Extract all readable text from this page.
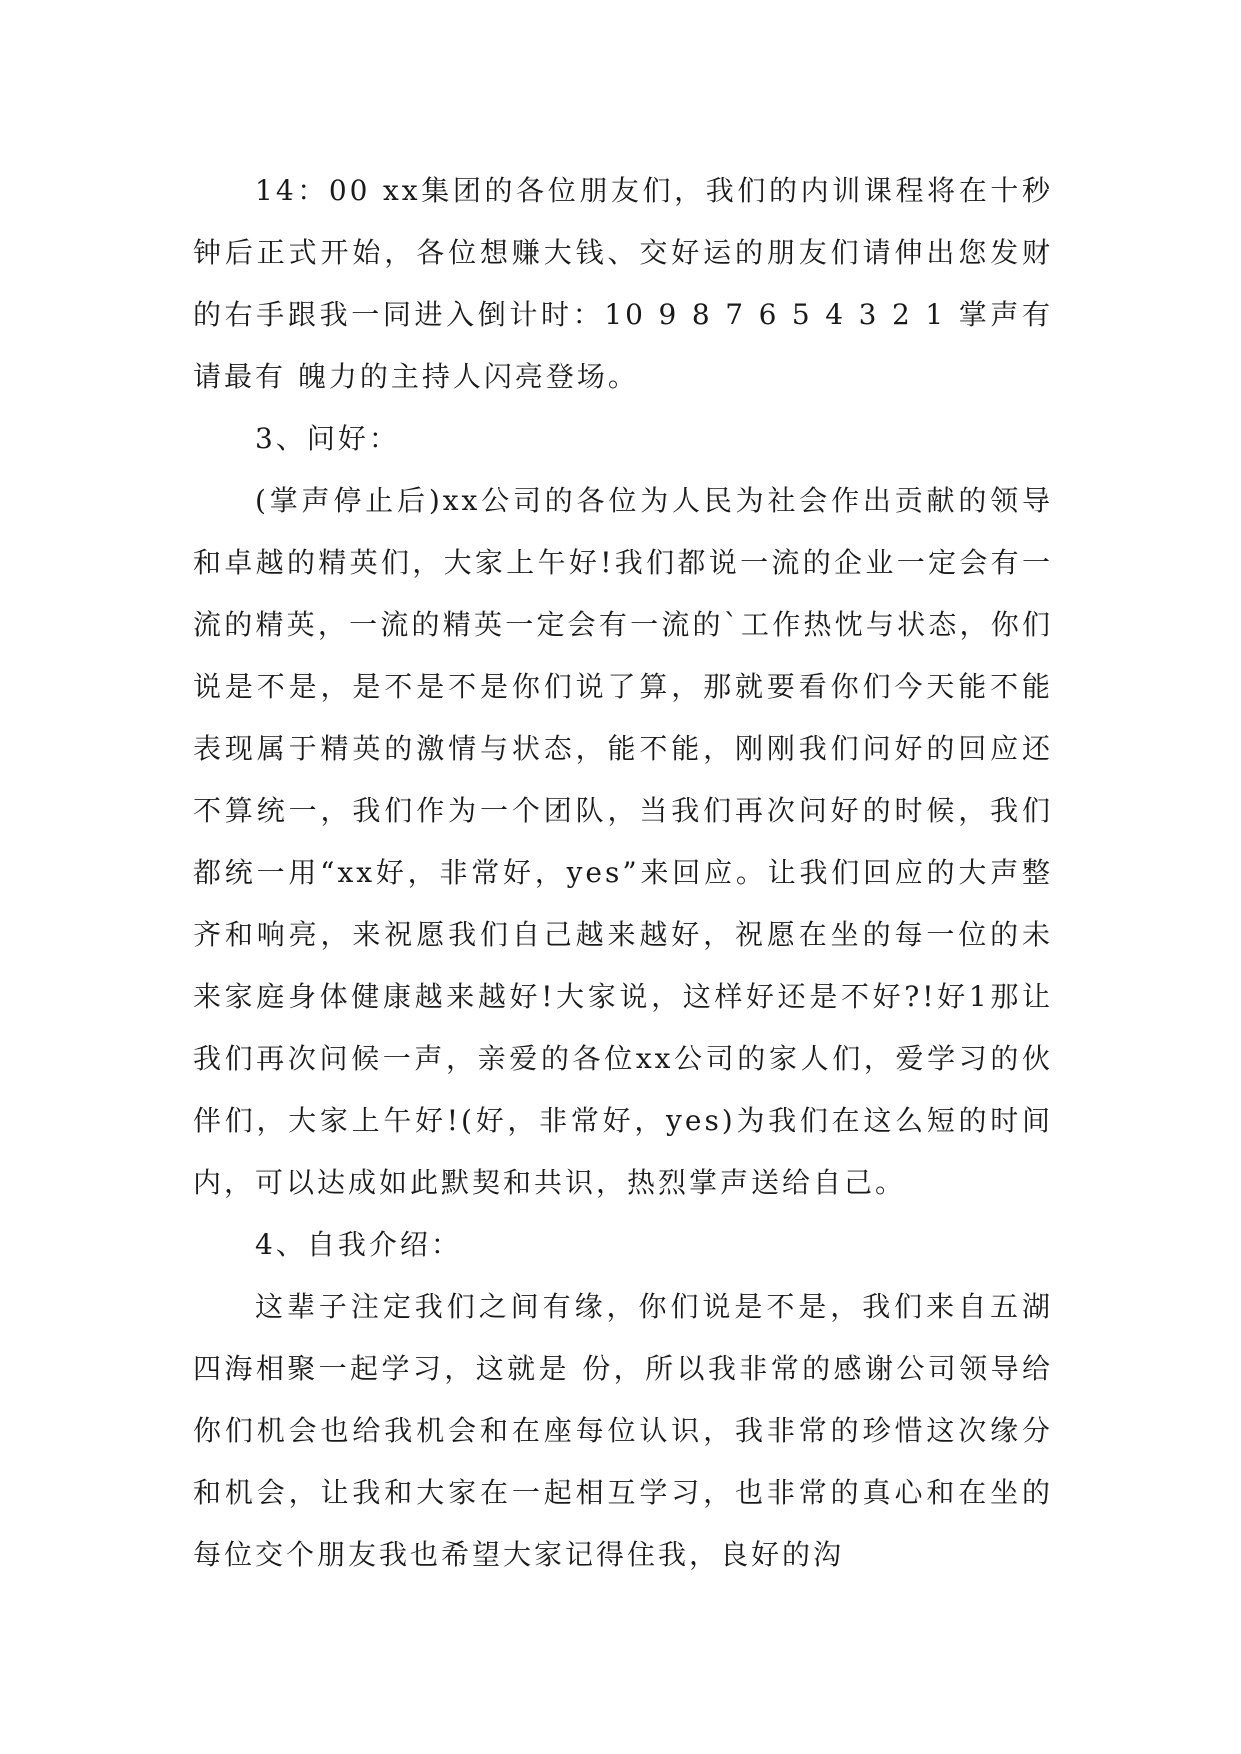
14：00 xx集团的各位朋友们，我们的内训课程将在十秒钟后正式开始，各位想赚大钱、交好运的朋友们请伸出您发财的右手跟我一同进入倒计时：10 9 8 7 6 5 4 3 2 1 掌声有请最有 魄力的主持人闪亮登场。

3、问好：

(掌声停止后)xx公司的各位为人民为社会作出贡献的领导和卓越的精英们，大家上午好!我们都说一流的企业一定会有一流的精英，一流的精英一定会有一流的`工作热忱与状态，你们说是不是，是不是不是你们说了算，那就要看你们今天能不能表现属于精英的激情与状态，能不能，刚刚我们问好的回应还不算统一，我们作为一个团队，当我们再次问好的时候，我们都统一用“xx好，非常好，yes”来回应。让我们回应的大声整齐和响亮，来祝愿我们自己越来越好，祝愿在坐的每一位的未来家庭身体健康越来越好!大家说，这样好还是不好?!好1那让我们再次问候一声，亲爱的各位xx公司的家人们，爱学习的伙伴们，大家上午好!(好，非常好，yes)为我们在这么短的时间内，可以达成如此默契和共识，热烈掌声送给自己。

4、自我介绍：

这辈子注定我们之间有缘，你们说是不是，我们来自五湖四海相聚一起学习，这就是 份，所以我非常的感谢公司领导给你们机会也给我机会和在座每位认识，我非常的珍惜这次缘分和机会，让我和大家在一起相互学习，也非常的真心和在坐的每位交个朋友我也希望大家记得住我，良好的沟
